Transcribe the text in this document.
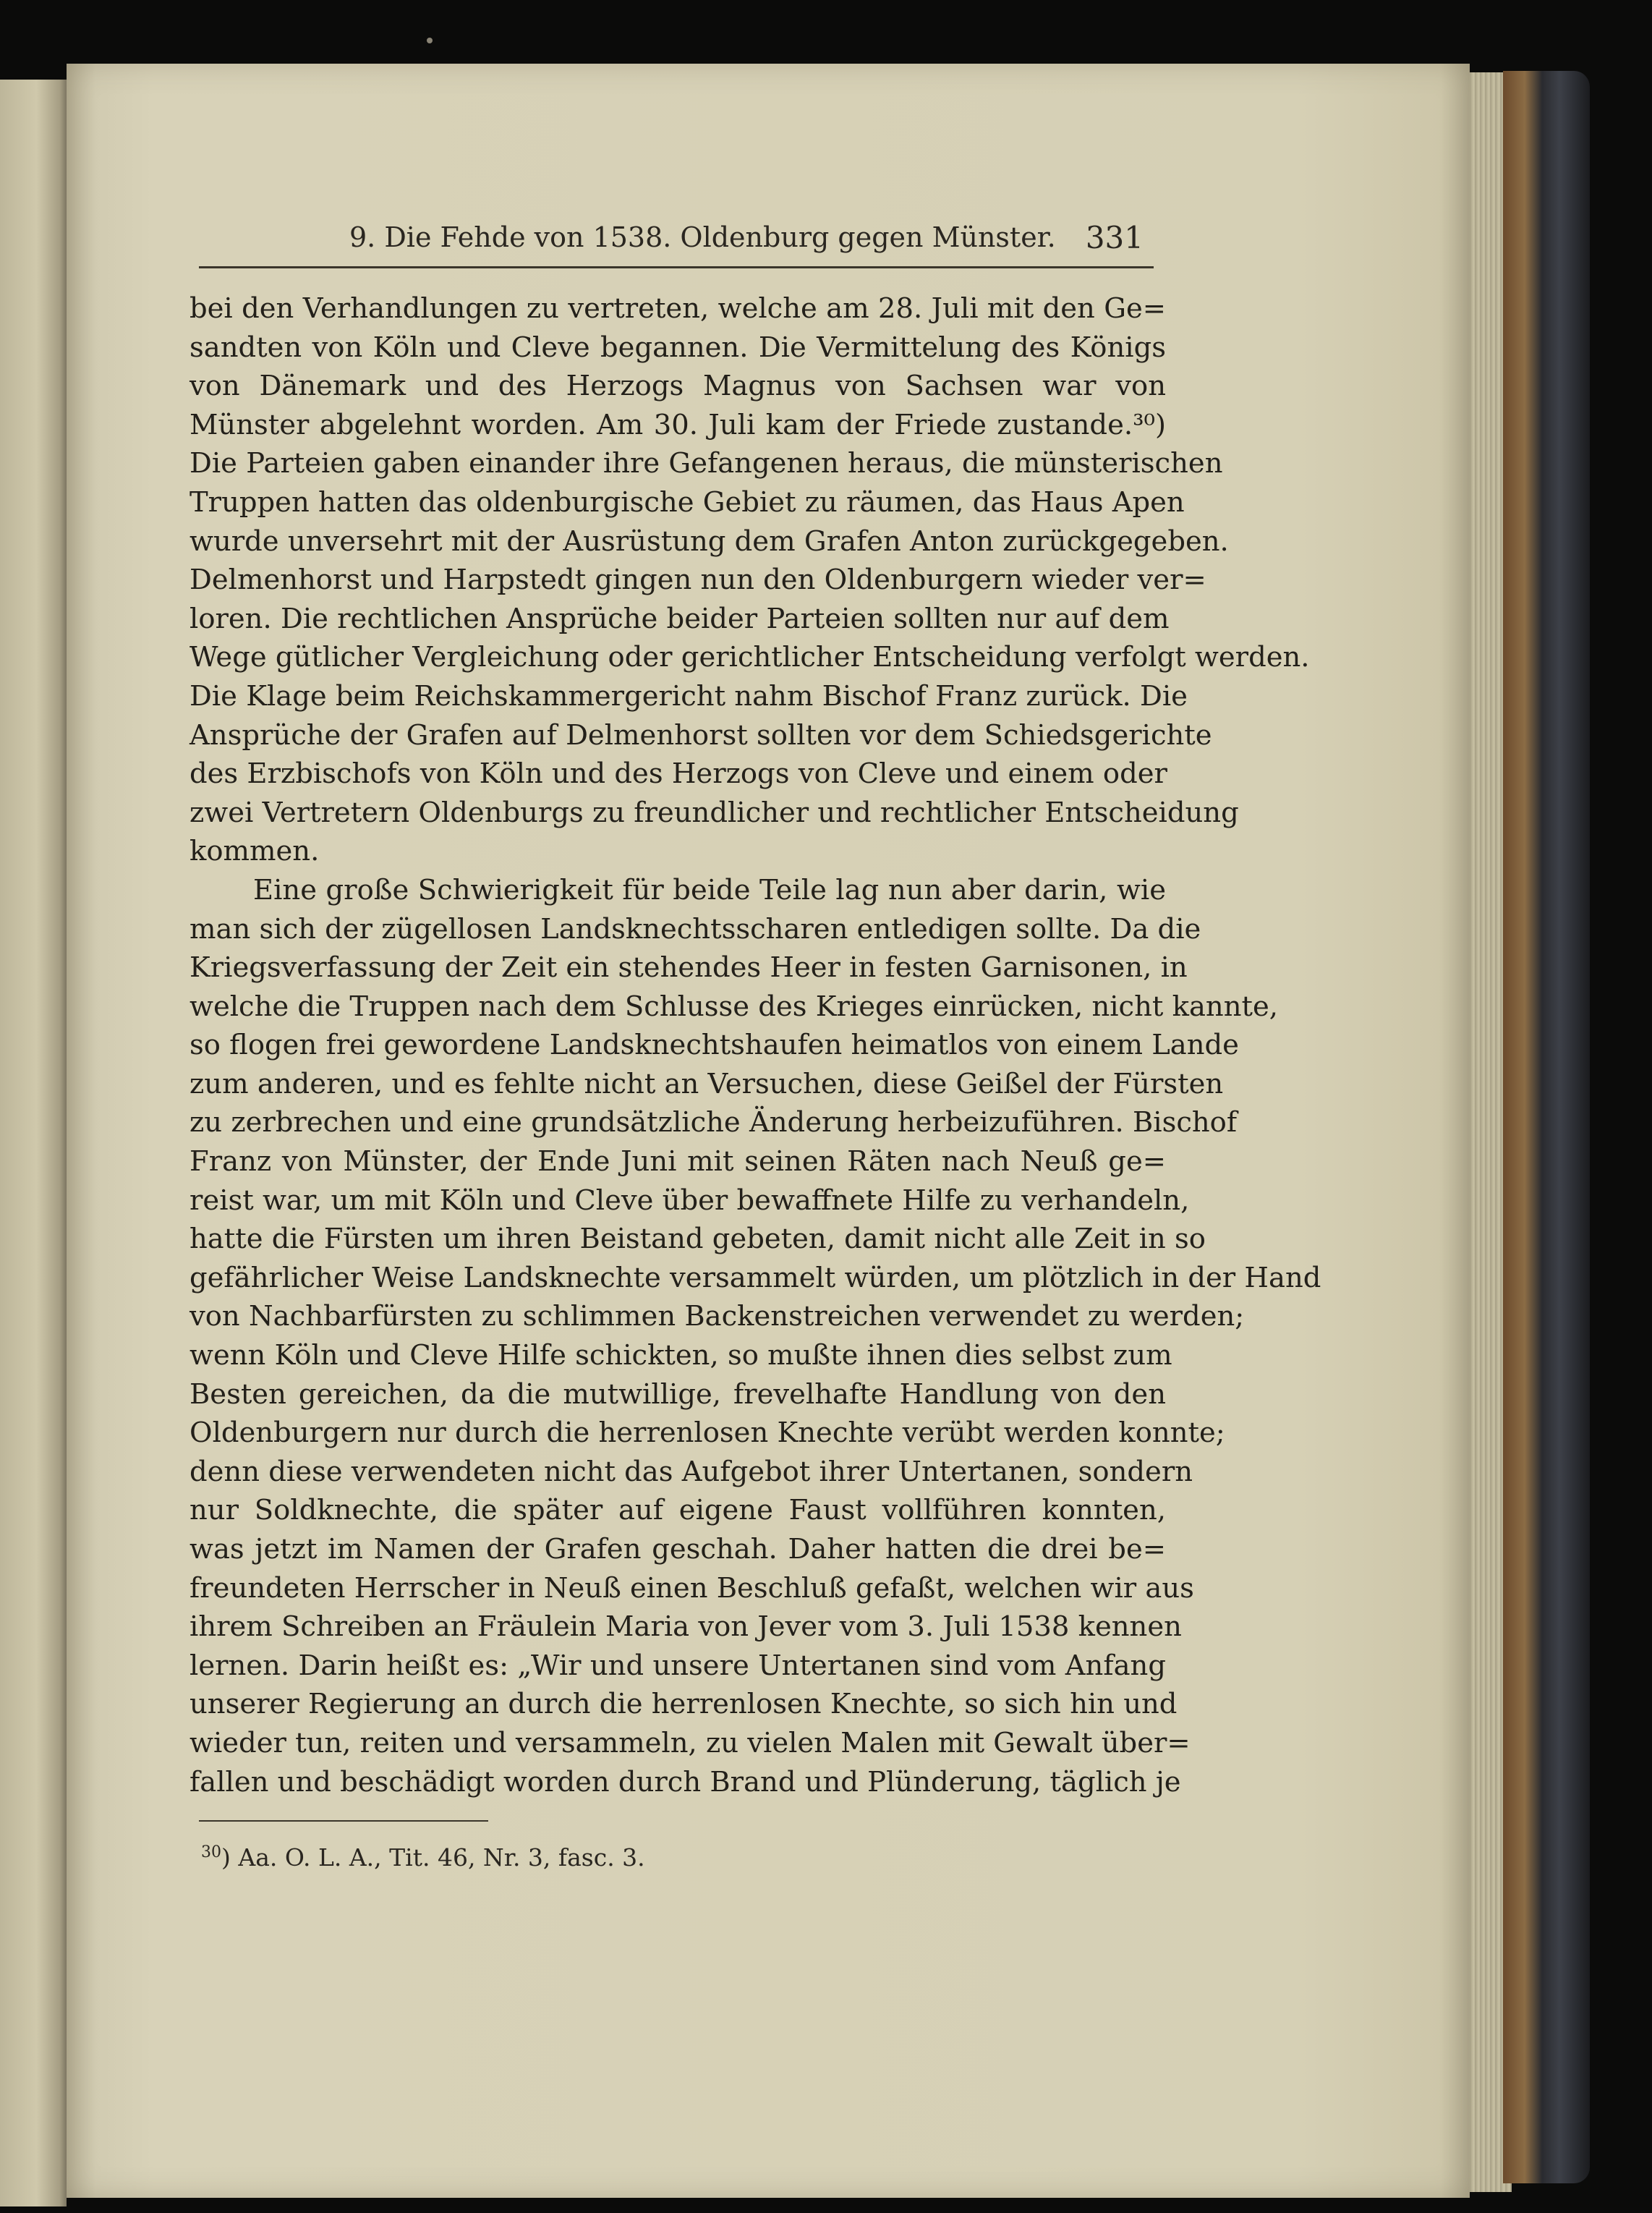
9. Die Fehde von 1538. Oldenburg gegen Münster. 331
bei den Verhandlungen zu vertreten, welche am 28. Juli mit den Ge=
sandten von Köln und Cleve begannen. Die Vermittelung des Königs
von Dänemark und des Herzogs Magnus von Sachsen war von
Münster abgelehnt worden. Am 30. Juli kam der Friede zustande.³⁰)
Die Parteien gaben einander ihre Gefangenen heraus, die münsterischen
Truppen hatten das oldenburgische Gebiet zu räumen, das Haus Apen
wurde unversehrt mit der Ausrüstung dem Grafen Anton zurückgegeben.
Delmenhorst und Harpstedt gingen nun den Oldenburgern wieder ver=
loren. Die rechtlichen Ansprüche beider Parteien sollten nur auf dem
Wege gütlicher Vergleichung oder gerichtlicher Entscheidung verfolgt werden.
Die Klage beim Reichskammergericht nahm Bischof Franz zurück. Die
Ansprüche der Grafen auf Delmenhorst sollten vor dem Schiedsgerichte
des Erzbischofs von Köln und des Herzogs von Cleve und einem oder
zwei Vertretern Oldenburgs zu freundlicher und rechtlicher Entscheidung
kommen.
Eine große Schwierigkeit für beide Teile lag nun aber darin, wie
man sich der zügellosen Landsknechtsscharen entledigen sollte. Da die
Kriegsverfassung der Zeit ein stehendes Heer in festen Garnisonen, in
welche die Truppen nach dem Schlusse des Krieges einrücken, nicht kannte,
so flogen frei gewordene Landsknechtshaufen heimatlos von einem Lande
zum anderen, und es fehlte nicht an Versuchen, diese Geißel der Fürsten
zu zerbrechen und eine grundsätzliche Änderung herbeizuführen. Bischof
Franz von Münster, der Ende Juni mit seinen Räten nach Neuß ge=
reist war, um mit Köln und Cleve über bewaffnete Hilfe zu verhandeln,
hatte die Fürsten um ihren Beistand gebeten, damit nicht alle Zeit in so
gefährlicher Weise Landsknechte versammelt würden, um plötzlich in der Hand
von Nachbarfürsten zu schlimmen Backenstreichen verwendet zu werden;
wenn Köln und Cleve Hilfe schickten, so mußte ihnen dies selbst zum
Besten gereichen, da die mutwillige, frevelhafte Handlung von den
Oldenburgern nur durch die herrenlosen Knechte verübt werden konnte;
denn diese verwendeten nicht das Aufgebot ihrer Untertanen, sondern
nur Soldknechte, die später auf eigene Faust vollführen konnten,
was jetzt im Namen der Grafen geschah. Daher hatten die drei be=
freundeten Herrscher in Neuß einen Beschluß gefaßt, welchen wir aus
ihrem Schreiben an Fräulein Maria von Jever vom 3. Juli 1538 kennen
lernen. Darin heißt es: „Wir und unsere Untertanen sind vom Anfang
unserer Regierung an durch die herrenlosen Knechte, so sich hin und
wieder tun, reiten und versammeln, zu vielen Malen mit Gewalt über=
fallen und beschädigt worden durch Brand und Plünderung, täglich je
$^{30}$) Aa. O. L. A., Tit. 46, Nr. 3, fasc. 3.
